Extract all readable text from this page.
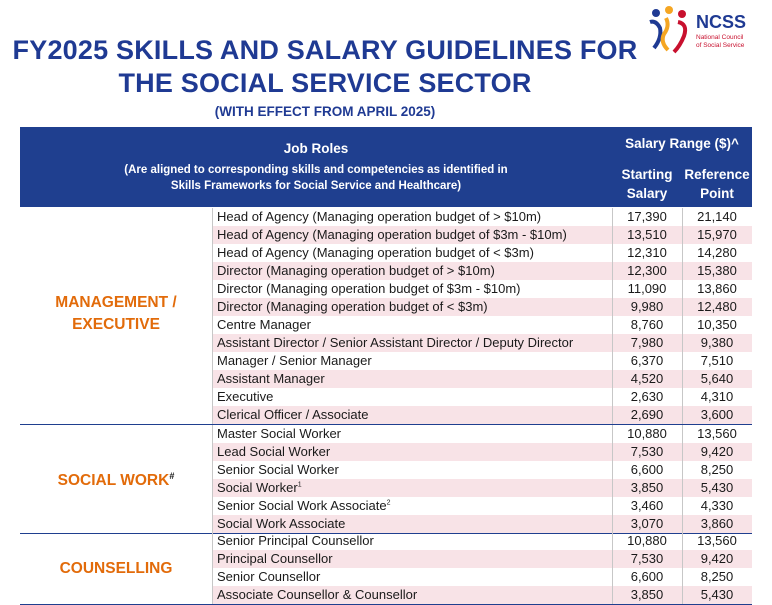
NCSS
National Council
of Social Service
FY2025 SKILLS AND SALARY GUIDELINES FOR
THE SOCIAL SERVICE SECTOR
(WITH EFFECT FROM APRIL 2025)
Job Roles
(Are aligned to corresponding skills and competencies as identified in
Skills Frameworks for Social Service and Healthcare)
Salary Range ($)^
Starting
Salary
Reference
Point
MANAGEMENT /
EXECUTIVE
Head of Agency (Managing operation budget of > $10m)	17,390	21,140
Head of Agency (Managing operation budget of $3m - $10m)	13,510	15,970
Head of Agency (Managing operation budget of < $3m)	12,310	14,280
Director (Managing operation budget of > $10m)	12,300	15,380
Director (Managing operation budget of $3m - $10m)	11,090	13,860
Director (Managing operation budget of < $3m)	9,980	12,480
Centre Manager	8,760	10,350
Assistant Director / Senior Assistant Director / Deputy Director	7,980	9,380
Manager / Senior Manager	6,370	7,510
Assistant Manager	4,520	5,640
Executive	2,630	4,310
Clerical Officer / Associate	2,690	3,600
SOCIAL WORK#
Master Social Worker	10,880	13,560
Lead Social Worker	7,530	9,420
Senior Social Worker	6,600	8,250
Social Worker$^1$	3,850	5,430
Senior Social Work Associate$^2$	3,460	4,330
Social Work Associate	3,070	3,860
COUNSELLING
Senior Principal Counsellor	10,880	13,560
Principal Counsellor	7,530	9,420
Senior Counsellor	6,600	8,250
Associate Counsellor & Counsellor	3,850	5,430
